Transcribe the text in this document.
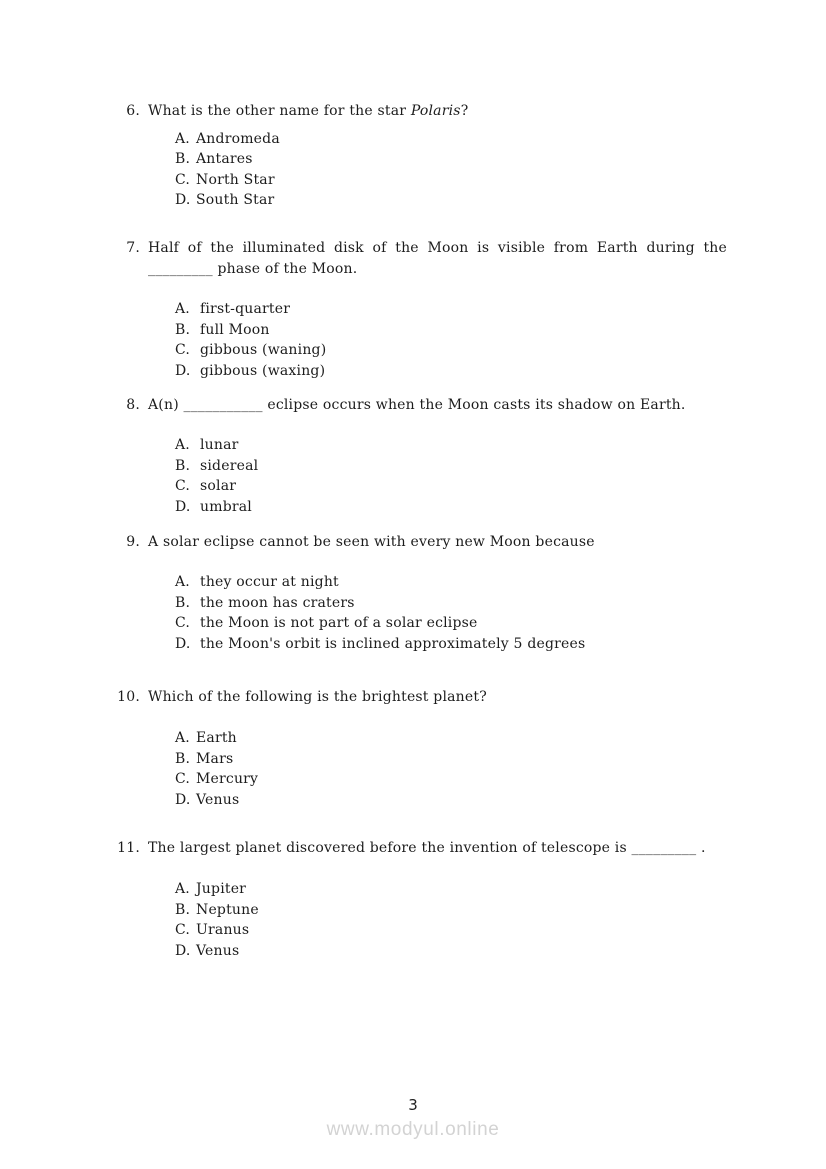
6. What is the other name for the star Polaris?
A. Andromeda
B. Antares
C. North Star
D. South Star
7. Half of the illuminated disk of the Moon is visible from Earth during the _________ phase of the Moon.
A. first-quarter
B. full Moon
C. gibbous (waning)
D. gibbous (waxing)
8. A(n) ___________ eclipse occurs when the Moon casts its shadow on Earth.
A. lunar
B. sidereal
C. solar
D. umbral
9. A solar eclipse cannot be seen with every new Moon because
A. they occur at night
B. the moon has craters
C. the Moon is not part of a solar eclipse
D. the Moon's orbit is inclined approximately 5 degrees
10. Which of the following is the brightest planet?
A. Earth
B. Mars
C. Mercury
D. Venus
11. The largest planet discovered before the invention of telescope is _________ .
A. Jupiter
B. Neptune
C. Uranus
D. Venus
3
www.modyul.online
